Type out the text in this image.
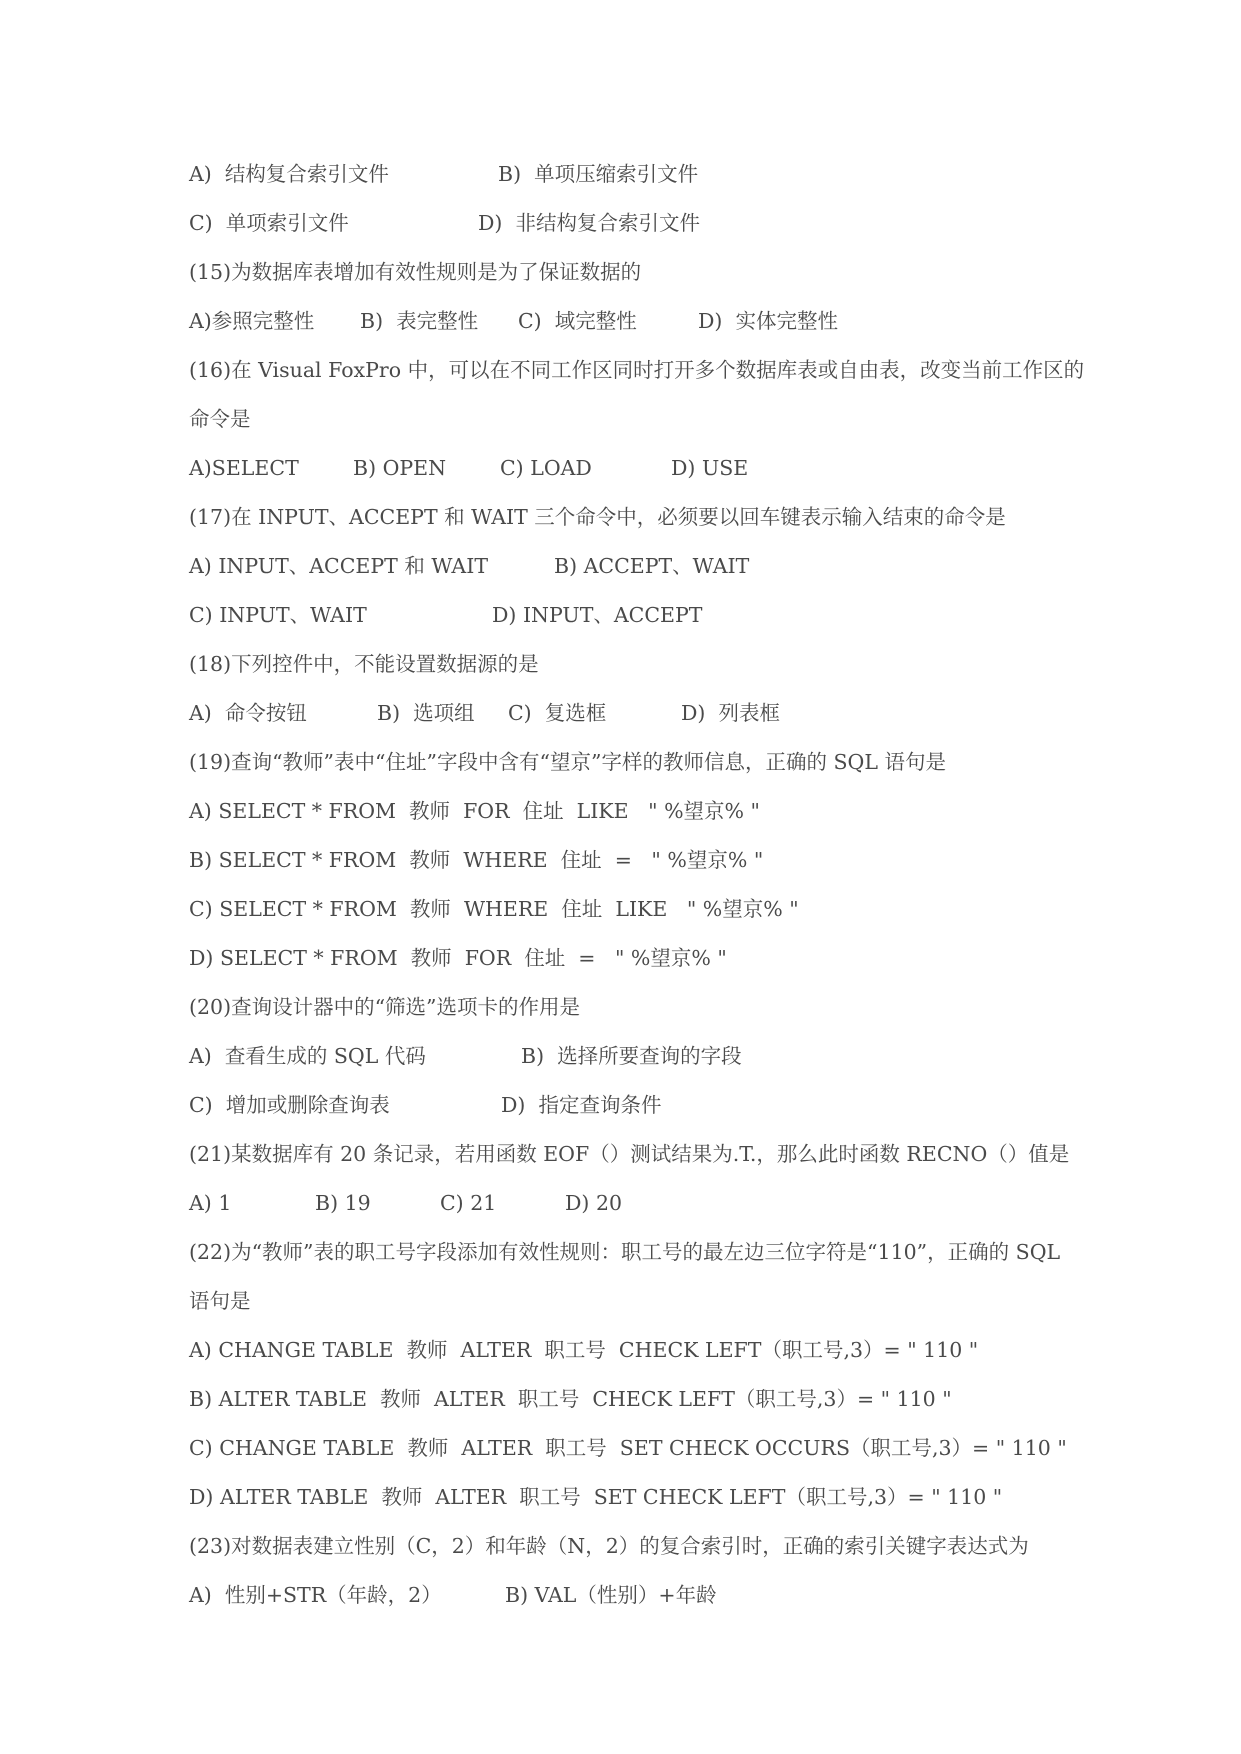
A)  结构复合索引文件

	B)  单项压缩索引文件

C)  单项索引文件

	D)  非结构复合索引文件

(15)为数据库表增加有效性规则是为了保证数据的

A)参照完整性

B)  表完整性

C)  域完整性

	D)  实体完整性

(16)在 Visual FoxPro 中，可以在不同工作区同时打开多个数据库表或自由表，改变当前工作区的

命令是

A)SELECT

	B) OPEN

	C) LOAD

	D) USE

(17)在 INPUT、ACCEPT 和 WAIT 三个命令中，必须要以回车键表示输入结束的命令是

A) INPUT、ACCEPT 和 WAIT

	B) ACCEPT、WAIT

C) INPUT、WAIT

	D) INPUT、ACCEPT

(18)下列控件中，不能设置数据源的是

A)  命令按钮

	B)  选项组

C)  复选框

	D)  列表框

(19)查询“教师”表中“住址”字段中含有“望京”字样的教师信息，正确的 SQL 语句是

A) SELECT * FROM  教师  FOR  住址  LIKE   " %望京% "

B) SELECT * FROM  教师  WHERE  住址  =   " %望京% "

C) SELECT * FROM  教师  WHERE  住址  LIKE   " %望京% "

D) SELECT * FROM  教师  FOR  住址  =   " %望京% "

(20)查询设计器中的“筛选”选项卡的作用是

A)  查看生成的 SQL 代码

	B)  选择所要查询的字段

C)  增加或删除查询表

	D)  指定查询条件

(21)某数据库有 20 条记录，若用函数 EOF（）测试结果为.T.，那么此时函数 RECNO（）值是

A) 1

	B) 19

	C) 21

	D) 20

(22)为“教师”表的职工号字段添加有效性规则：职工号的最左边三位字符是“110”，正确的 SQL

语句是

A) CHANGE TABLE  教师  ALTER  职工号  CHECK LEFT（职工号,3）= " 110 "

B) ALTER TABLE  教师  ALTER  职工号  CHECK LEFT（职工号,3）= " 110 "

C) CHANGE TABLE  教师  ALTER  职工号  SET CHECK OCCURS（职工号,3）= " 110 "

D) ALTER TABLE  教师  ALTER  职工号  SET CHECK LEFT（职工号,3）= " 110 "

(23)对数据表建立性别（C，2）和年龄（N，2）的复合索引时，正确的索引关键字表达式为

A)  性别+STR（年龄，2）

	B) VAL（性别）+年龄
